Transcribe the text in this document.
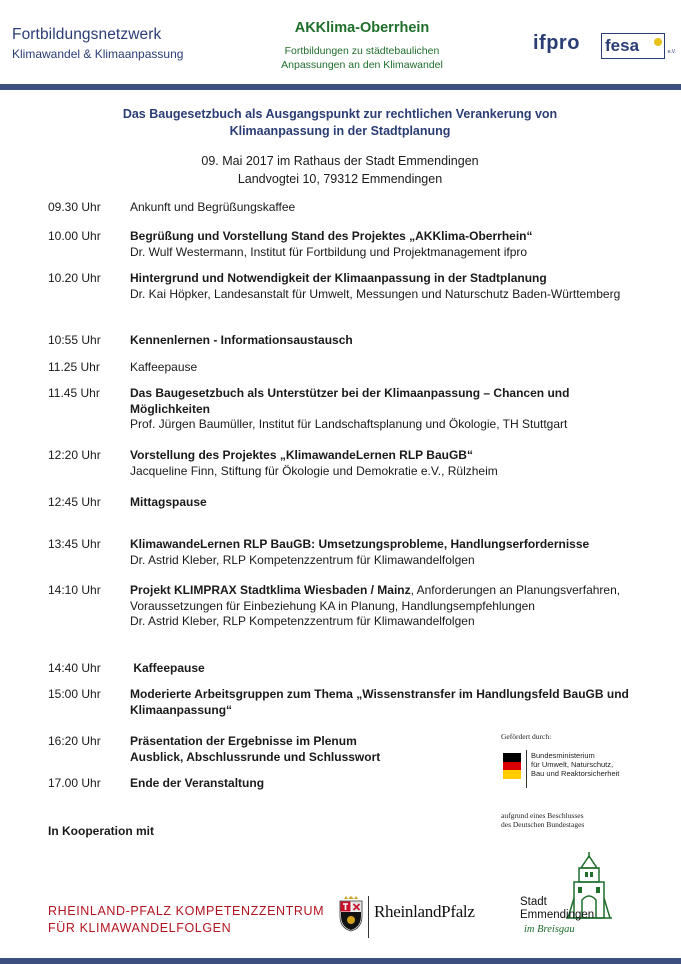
Fortbildungsnetzwerk
Klimawandel & Klimaanpassung
AKKlima-Oberrhein
Fortbildungen zu städtebaulichen
Anpassungen an den Klimawandel
ifpro fesa	e.V.
Das Baugesetzbuch als Ausgangspunkt zur rechtlichen Verankerung von
Klimaanpassung in der Stadtplanung
09. Mai 2017 im Rathaus der Stadt Emmendingen
Landvogtei 10, 79312 Emmendingen
09.30 Uhr	Ankunft und Begrüßungskaffee
10.00 Uhr	Begrüßung und Vorstellung Stand des Projektes „AKKlima-Oberrhein“
Dr. Wulf Westermann, Institut für Fortbildung und Projektmanagement ifpro
10.20 Uhr	Hintergrund und Notwendigkeit der Klimaanpassung in der Stadtplanung
Dr. Kai Höpker, Landesanstalt für Umwelt, Messungen und Naturschutz Baden-Württemberg
10:55 Uhr	Kennenlernen - Informationsaustausch
11.25 Uhr	Kaffeepause
11.45 Uhr	Das Baugesetzbuch als Unterstützer bei der Klimaanpassung – Chancen und Möglichkeiten
Prof. Jürgen Baumüller, Institut für Landschaftsplanung und Ökologie, TH Stuttgart
12:20 Uhr	Vorstellung des Projektes „KlimawandeLernen RLP BauGB“
Jacqueline Finn, Stiftung für Ökologie und Demokratie e.V., Rülzheim
12:45 Uhr	Mittagspause
13:45 Uhr	KlimawandeLernen RLP BauGB: Umsetzungsprobleme, Handlungserfordernisse
Dr. Astrid Kleber, RLP Kompetenzzentrum für Klimawandelfolgen
14:10 Uhr	Projekt KLIMPRAX Stadtklima Wiesbaden / Mainz, Anforderungen an Planungsverfahren, Voraussetzungen für Einbeziehung KA in Planung, Handlungsempfehlungen
Dr. Astrid Kleber, RLP Kompetenzzentrum für Klimawandelfolgen
14:40 Uhr	Kaffeepause
15:00 Uhr	Moderierte Arbeitsgruppen zum Thema „Wissenstransfer im Handlungsfeld BauGB und Klimaanpassung“
16:20 Uhr	Präsentation der Ergebnisse im Plenum
Ausblick, Abschlussrunde und Schlusswort
17.00 Uhr	Ende der Veranstaltung
Gefördert durch:
Bundesministerium
für Umwelt, Naturschutz,
Bau und Reaktorsicherheit
aufgrund eines Beschlusses
des Deutschen Bundestages
In Kooperation mit
RHEINLAND-PFALZ KOMPETENZZENTRUM
FÜR KLIMAWANDELFOLGEN
RheinlandPfalz	Stadt
Emmendingen
im Breisgau
